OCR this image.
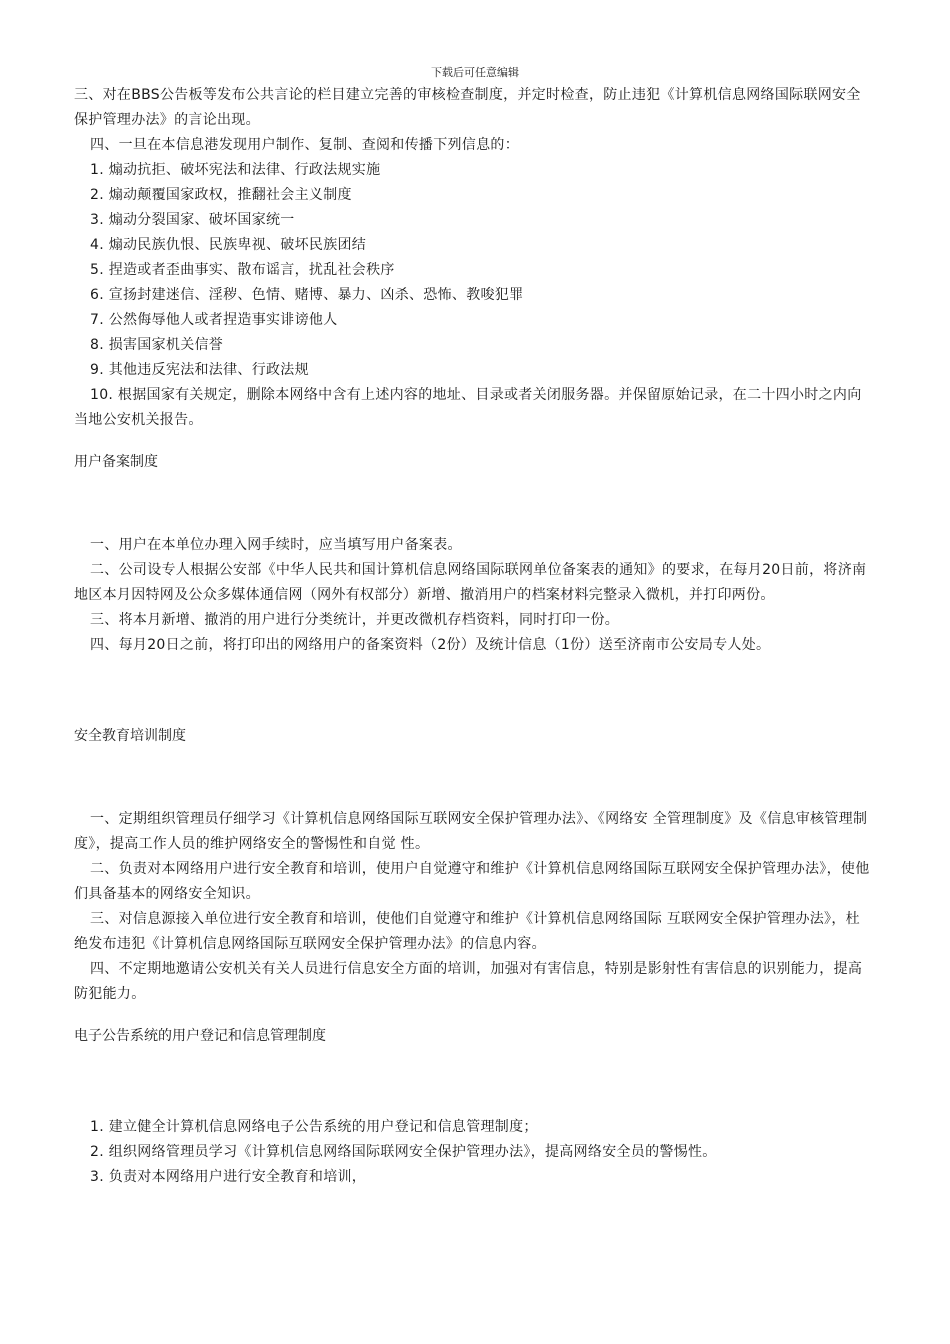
下载后可任意编辑

三、对在BBS公告板等发布公共言论的栏目建立完善的审核检查制度，并定时检查，防止违犯《计算机信息网络国际联网安全保护管理办法》的言论出现。

四、一旦在本信息港发现用户制作、复制、查阅和传播下列信息的：

1. 煽动抗拒、破坏宪法和法律、行政法规实施

2. 煽动颠覆国家政权，推翻社会主义制度

3. 煽动分裂国家、破坏国家统一

4. 煽动民族仇恨、民族卑视、破坏民族团结

5. 捏造或者歪曲事实、散布谣言，扰乱社会秩序

6. 宣扬封建迷信、淫秽、色情、赌博、暴力、凶杀、恐怖、教唆犯罪

7. 公然侮辱他人或者捏造事实诽谤他人

8. 损害国家机关信誉

9. 其他违反宪法和法律、行政法规

10. 根据国家有关规定，删除本网络中含有上述内容的地址、目录或者关闭服务器。并保留原始记录，在二十四小时之内向当地公安机关报告。

用户备案制度

一、用户在本单位办理入网手续时，应当填写用户备案表。

二、公司设专人根据公安部《中华人民共和国计算机信息网络国际联网单位备案表的通知》的要求，在每月20日前，将济南地区本月因特网及公众多媒体通信网（网外有权部分）新增、撤消用户的档案材料完整录入微机，并打印两份。

三、将本月新增、撤消的用户进行分类统计，并更改微机存档资料，同时打印一份。

四、每月20日之前，将打印出的网络用户的备案资料（2份）及统计信息（1份）送至济南市公安局专人处。

安全教育培训制度

一、定期组织管理员仔细学习《计算机信息网络国际互联网安全保护管理办法》、《网络安 全管理制度》及《信息审核管理制度》，提高工作人员的维护网络安全的警惕性和自觉 性。

二、负责对本网络用户进行安全教育和培训，使用户自觉遵守和维护《计算机信息网络国际互联网安全保护管理办法》，使他们具备基本的网络安全知识。

三、对信息源接入单位进行安全教育和培训，使他们自觉遵守和维护《计算机信息网络国际 互联网安全保护管理办法》，杜绝发布违犯《计算机信息网络国际互联网安全保护管理办法》的信息内容。

四、不定期地邀请公安机关有关人员进行信息安全方面的培训，加强对有害信息，特别是影射性有害信息的识别能力，提高防犯能力。

电子公告系统的用户登记和信息管理制度

1. 建立健全计算机信息网络电子公告系统的用户登记和信息管理制度；

2. 组织网络管理员学习《计算机信息网络国际联网安全保护管理办法》，提高网络安全员的警惕性。

3. 负责对本网络用户进行安全教育和培训，
